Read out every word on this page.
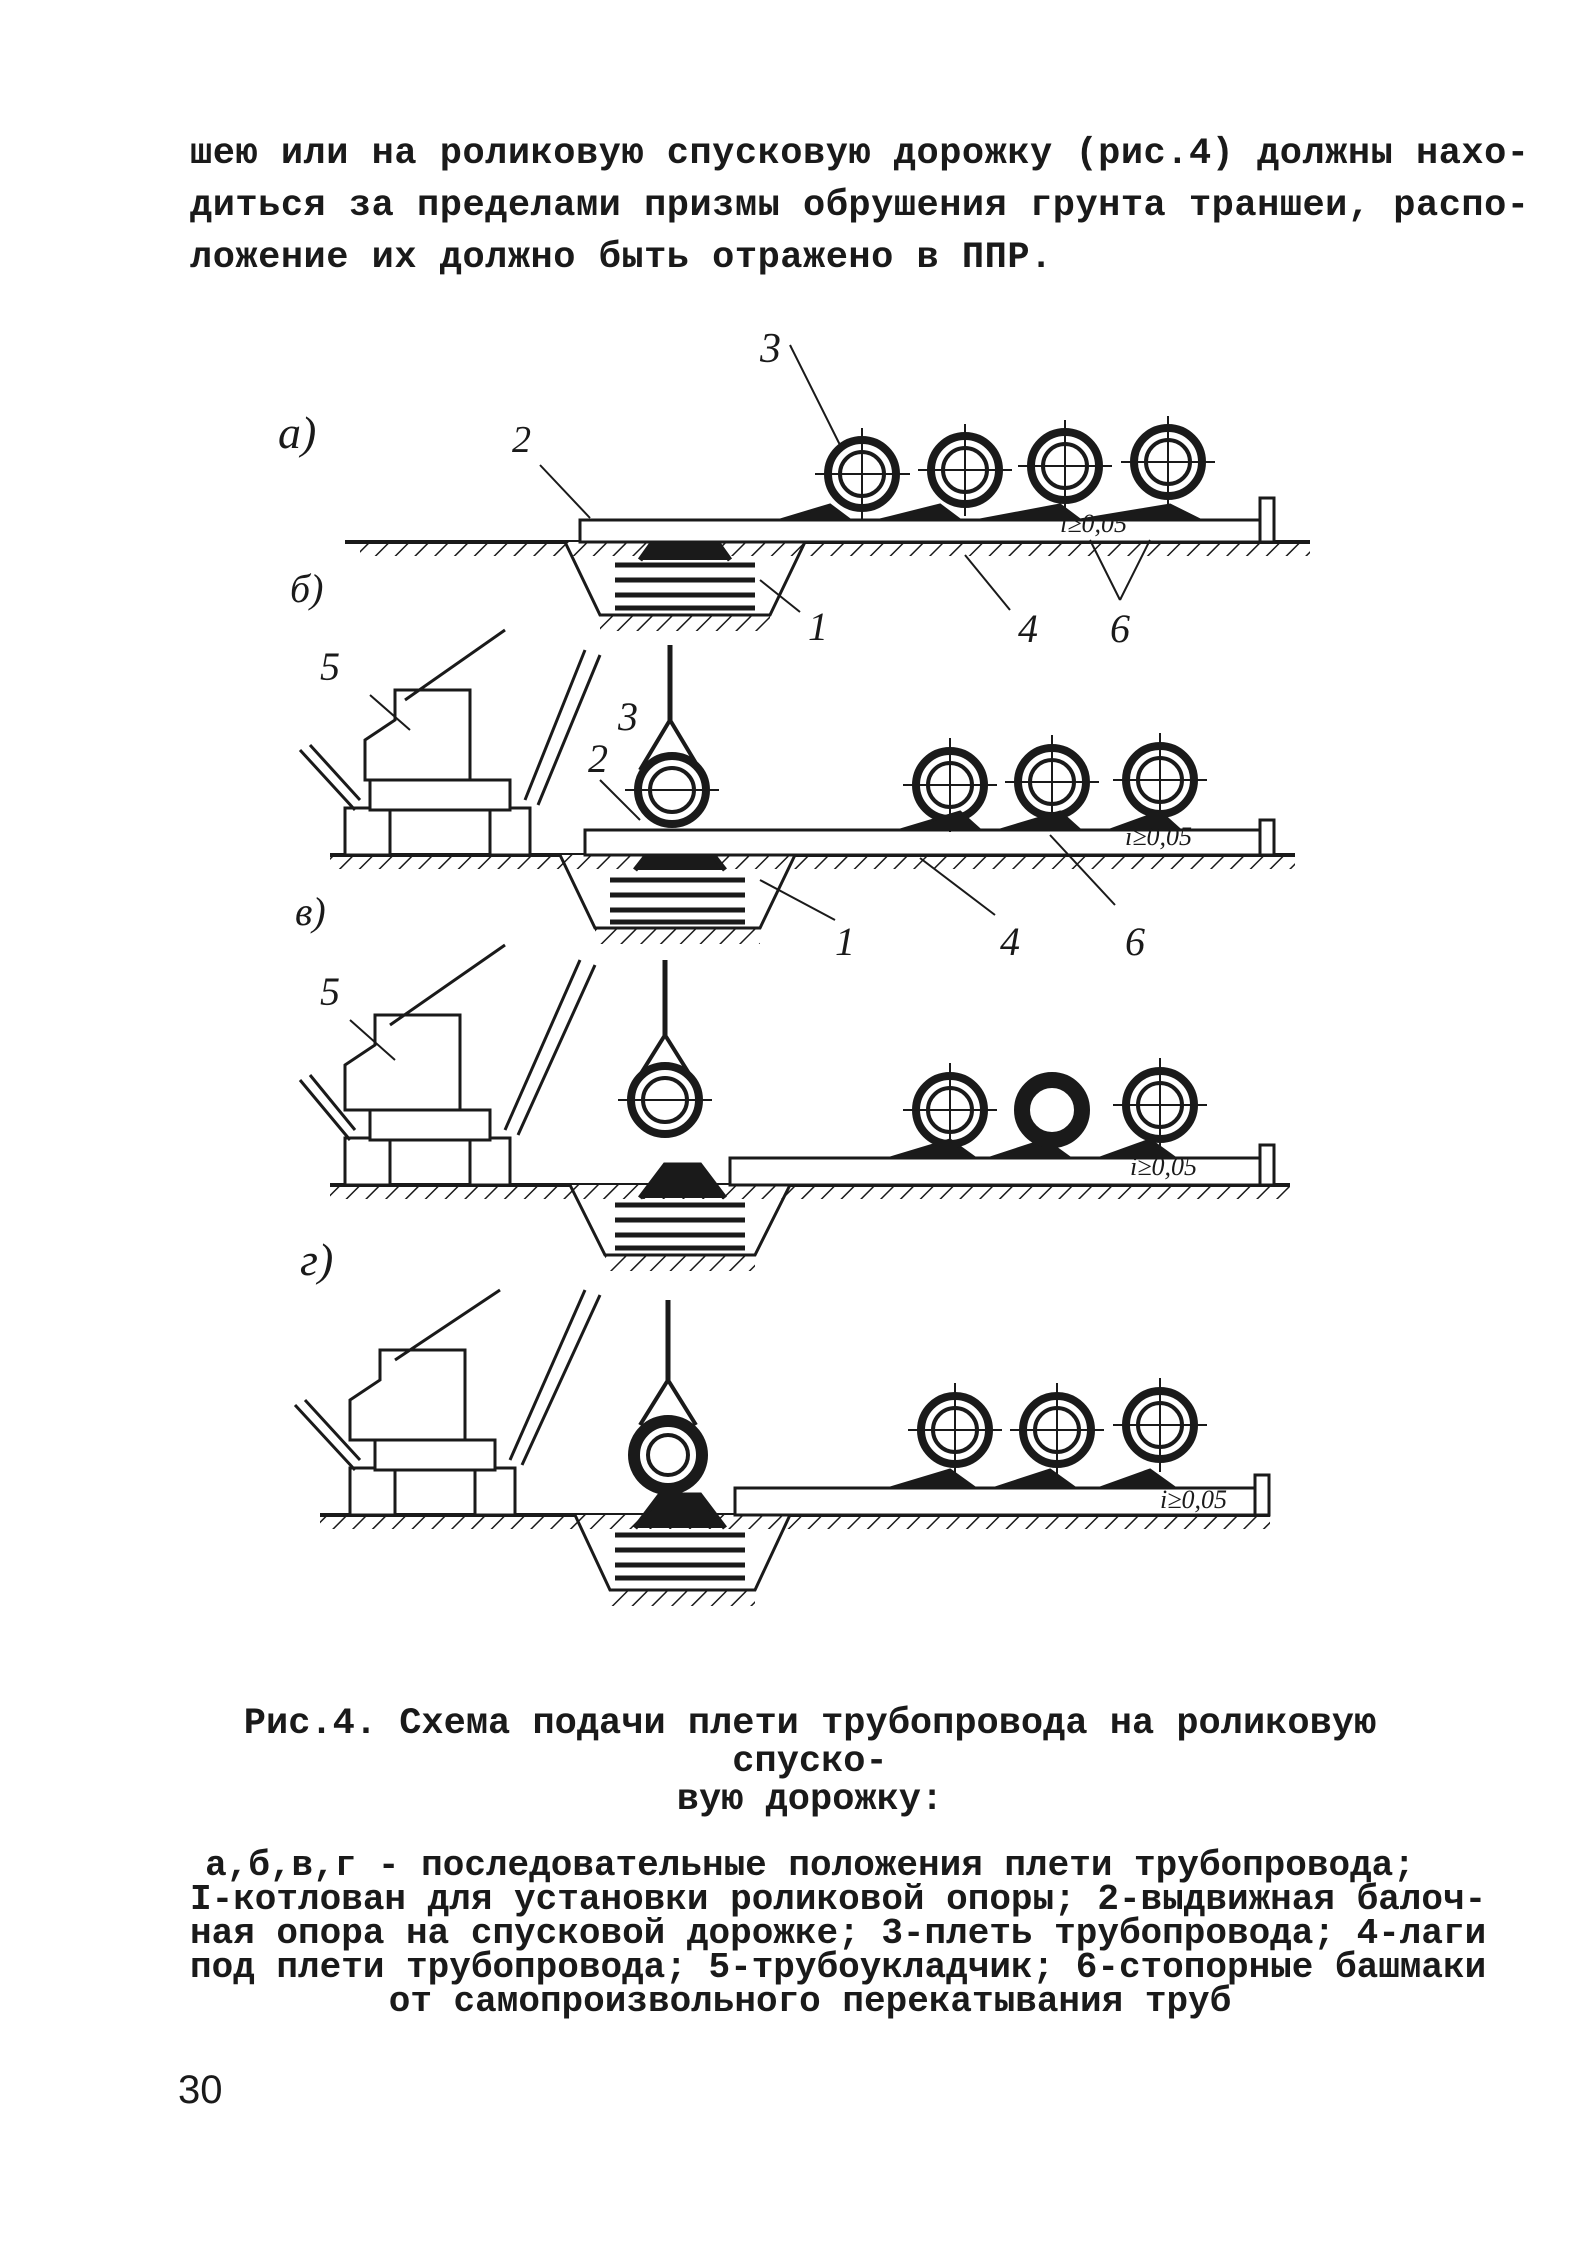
шею или на роликовую спусковую дорожку (рис.4) должны нахо-
диться за пределами призмы обрушения грунта траншеи, распо-
ложение их должно быть отражено в ППР.
а)
б)
в)
г)
3
2
1	4 6
i≥0,05
5
3
2
1	4	6
i≥0,05
5
i≥0,05
i≥0,05
Рис.4. Схема подачи плети трубопровода на роликовую спуско-
вую дорожку:
а,б,в,г - последовательные положения плети трубопровода;
I-котлован для установки роликовой опоры; 2-выдвижная балоч-
ная опора на спусковой дорожке; 3-плеть трубопровода; 4-лаги
под плети трубопровода; 5-трубоукладчик; 6-стопорные башмаки
от самопроизвольного перекатывания труб
30
